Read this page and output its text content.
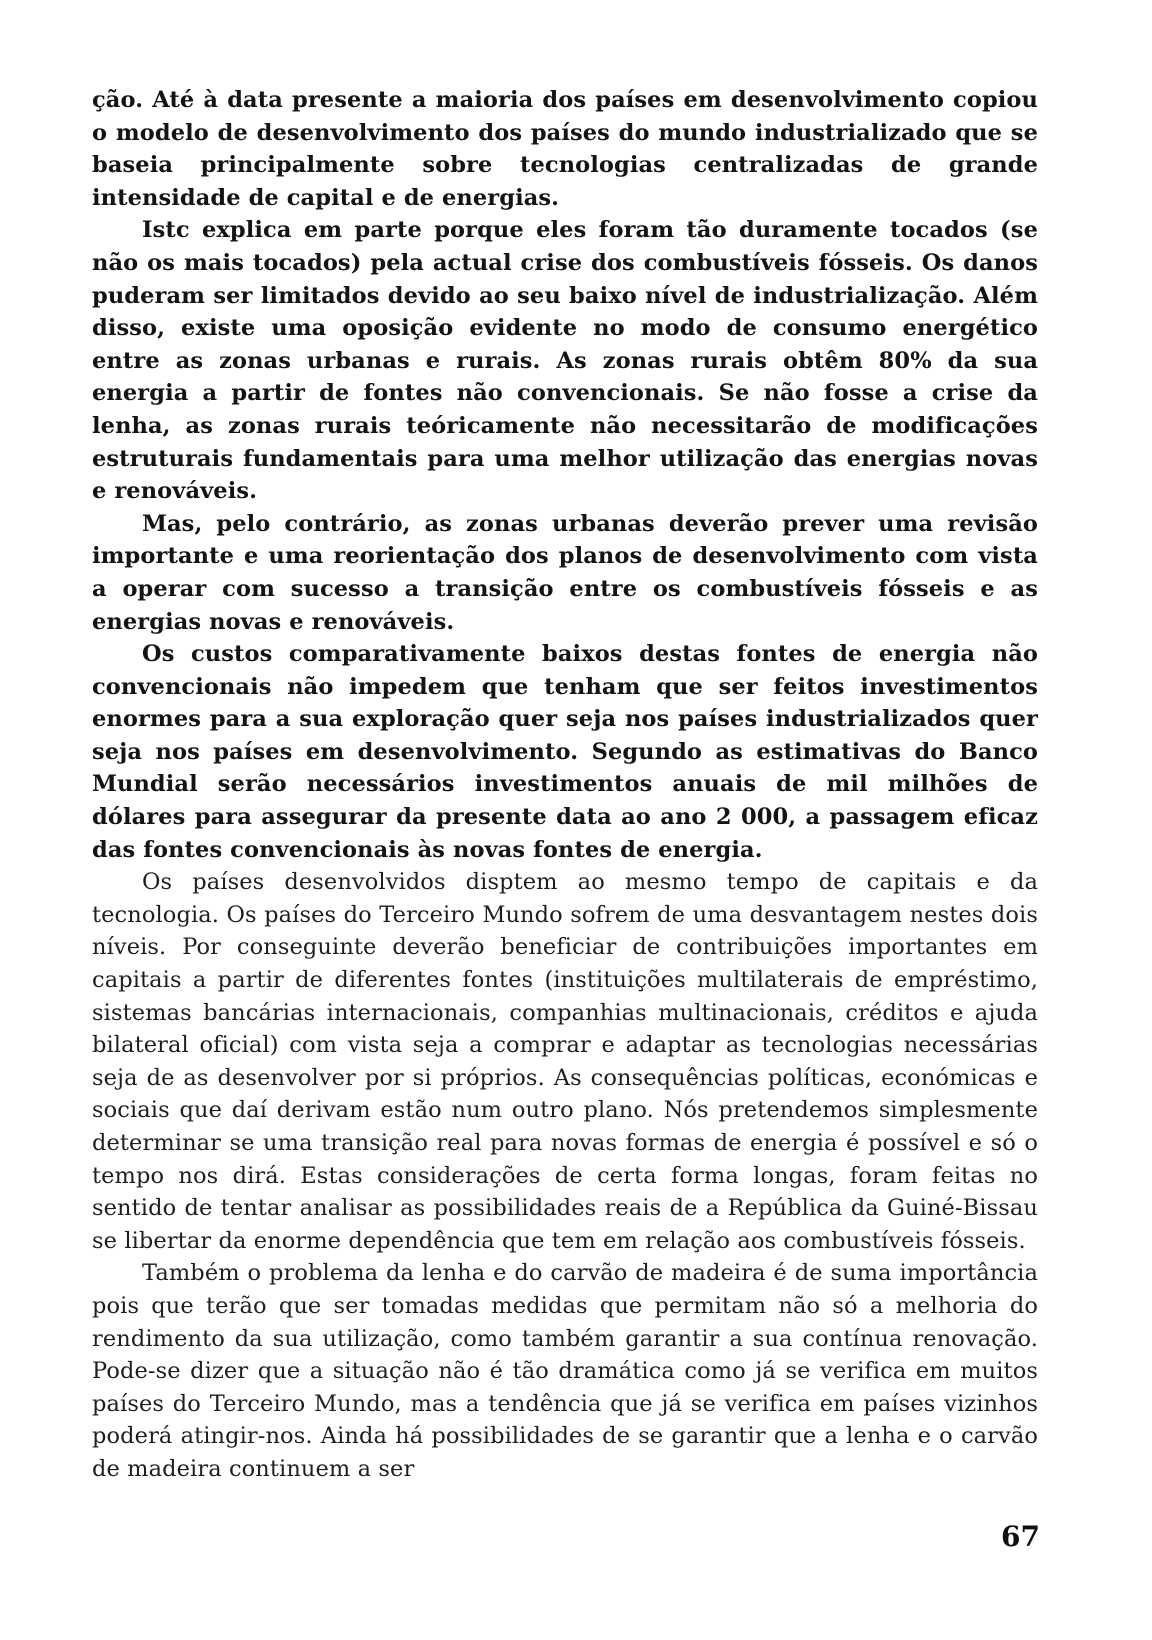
ção. Até à data presente a maioria dos países em desenvolvimento copiou o modelo de desenvolvimento dos países do mundo industrializado que se baseia principalmente sobre tecnologias centralizadas de grande intensidade de capital e de energias.

Istc explica em parte porque eles foram tão duramente tocados (se não os mais tocados) pela actual crise dos combustíveis fósseis. Os danos puderam ser limitados devido ao seu baixo nível de industrialização. Além disso, existe uma oposição evidente no modo de consumo energético entre as zonas urbanas e rurais. As zonas rurais obtêm 80% da sua energia a partir de fontes não convencionais. Se não fosse a crise da lenha, as zonas rurais teóricamente não necessitarão de modificações estruturais fundamentais para uma melhor utilização das energias novas e renováveis.

Mas, pelo contrário, as zonas urbanas deverão prever uma revisão importante e uma reorientação dos planos de desenvolvimento com vista a operar com sucesso a transição entre os combustíveis fósseis e as energias novas e renováveis.

Os custos comparativamente baixos destas fontes de energia não convencionais não impedem que tenham que ser feitos investimentos enormes para a sua exploração quer seja nos países industrializados quer seja nos países em desenvolvimento. Segundo as estimativas do Banco Mundial serão necessários investimentos anuais de mil milhões de dólares para assegurar da presente data ao ano 2 000, a passagem eficaz das fontes convencionais às novas fontes de energia.

Os países desenvolvidos disptem ao mesmo tempo de capitais e da tecnologia. Os países do Terceiro Mundo sofrem de uma desvantagem nestes dois níveis. Por conseguinte deverão beneficiar de contribuições importantes em capitais a partir de diferentes fontes (instituições multilaterais de empréstimo, sistemas bancárias internacionais, companhias multinacionais, créditos e ajuda bilateral oficial) com vista seja a comprar e adaptar as tecnologias necessárias seja de as desenvolver por si próprios. As consequências políticas, económicas e sociais que daí derivam estão num outro plano. Nós pretendemos simplesmente determinar se uma transição real para novas formas de energia é possível e só o tempo nos dirá. Estas considerações de certa forma longas, foram feitas no sentido de tentar analisar as possibilidades reais de a República da Guiné-Bissau se libertar da enorme dependência que tem em relação aos combustíveis fósseis.

Também o problema da lenha e do carvão de madeira é de suma importância pois que terão que ser tomadas medidas que permitam não só a melhoria do rendimento da sua utilização, como também garantir a sua contínua renovação. Pode-se dizer que a situação não é tão dramática como já se verifica em muitos países do Terceiro Mundo, mas a tendência que já se verifica em países vizinhos poderá atingir-nos. Ainda há possibilidades de se garantir que a lenha e o carvão de madeira continuem a ser

67
